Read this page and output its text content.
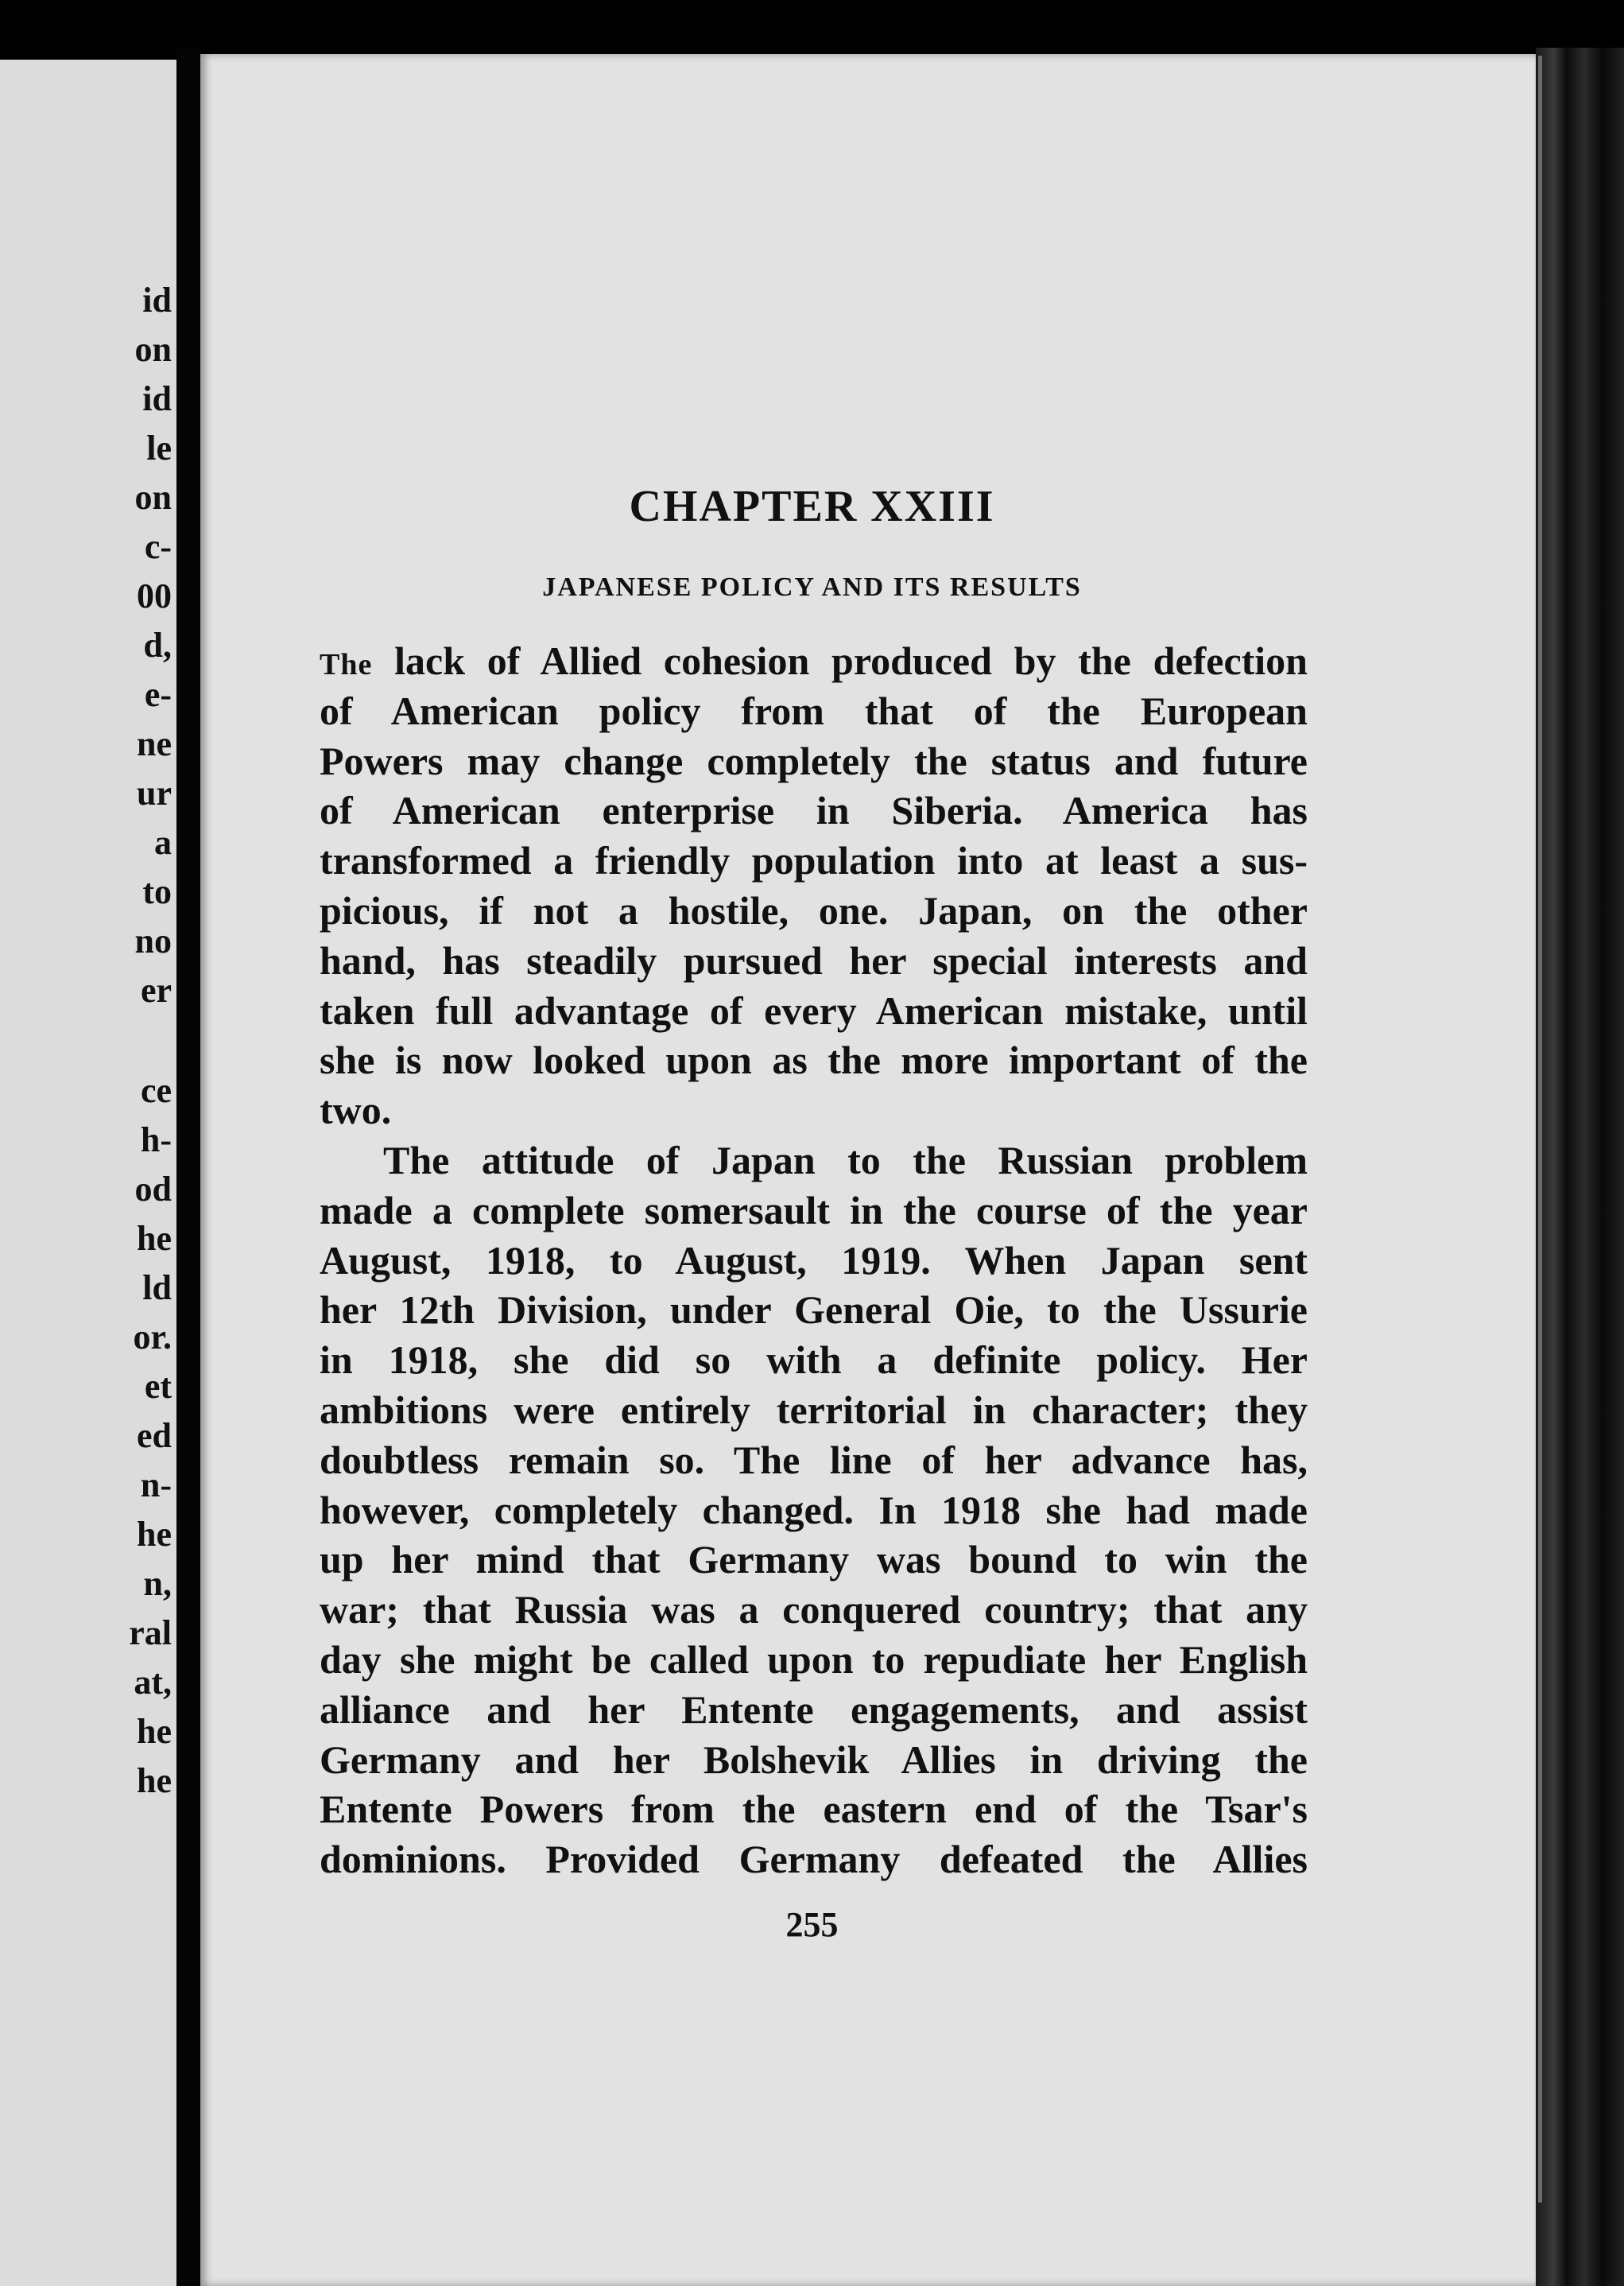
id
on
id
le
on
c-
00
d,
e-
ne
ur
a
to
no
er
ce
h-
od
he
ld
or.
et
ed
n-
he
n,
ral
at,
he
he
CHAPTER XXIII
JAPANESE POLICY AND ITS RESULTS
The lack of Allied cohesion produced by the defection
of American policy from that of the European
Powers may change completely the status and future
of American enterprise in Siberia. America has
transformed a friendly population into at least a sus-
picious, if not a hostile, one. Japan, on the other
hand, has steadily pursued her special interests and
taken full advantage of every American mistake, until
she is now looked upon as the more important of the
two.
The attitude of Japan to the Russian problem
made a complete somersault in the course of the year
August, 1918, to August, 1919. When Japan sent
her 12th Division, under General Oie, to the Ussurie
in 1918, she did so with a definite policy. Her
ambitions were entirely territorial in character; they
doubtless remain so. The line of her advance has,
however, completely changed. In 1918 she had made
up her mind that Germany was bound to win the
war; that Russia was a conquered country; that any
day she might be called upon to repudiate her English
alliance and her Entente engagements, and assist
Germany and her Bolshevik Allies in driving the
Entente Powers from the eastern end of the Tsar's
dominions. Provided Germany defeated the Allies
255
